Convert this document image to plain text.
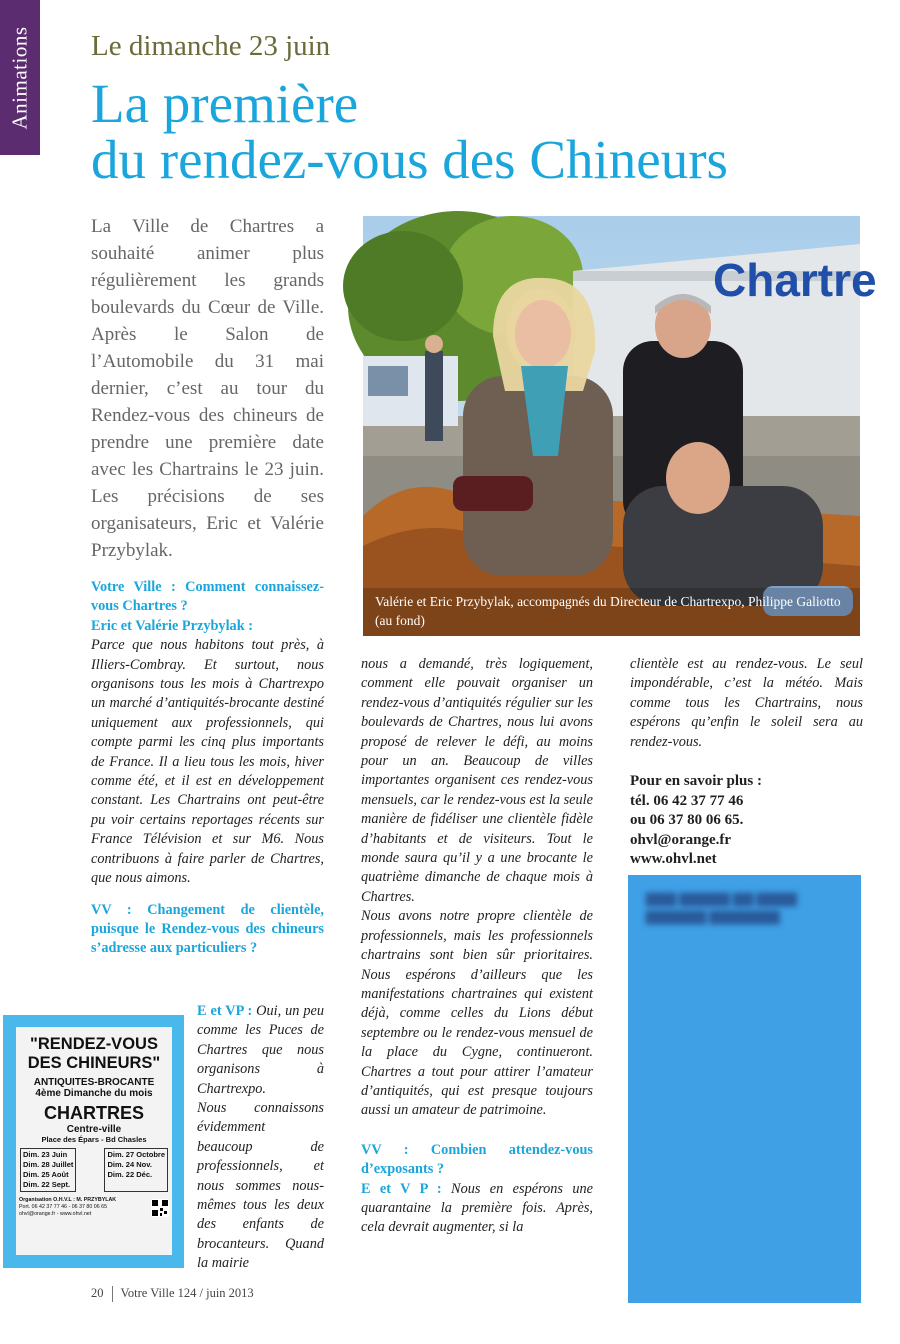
Animations Le dimanche 23 juin
La première
du rendez-vous des Chineurs

La Ville de Chartres a souhaité animer plus régulièrement les grands boulevards du Cœur de Ville. Après le Salon de l’Automobile du 31 mai dernier, c’est au tour du Rendez-vous des chineurs de prendre une première date avec les Chartrains le 23 juin. Les précisions de ses organisateurs, Eric et Valérie Przybylak.

Chartre
Valérie et Eric Przybylak, accompagnés du Directeur de Chartrexpo, Philippe Galiotto (au fond)

Votre Ville : Comment connaissez-vous Chartres ?

Eric et Valérie Przybylak :

Parce que nous habitons tout près, à Illiers-Combray. Et surtout, nous organisons tous les mois à Chartrexpo un marché d’antiquités-brocante destiné uniquement aux professionnels, qui compte parmi les cinq plus importants de France. Il a lieu tous les mois, hiver comme été, et il est en développement constant. Les Chartrains ont peut-être pu voir certains reportages récents sur France Télévision et sur M6. Nous contribuons à faire parler de Chartres, que nous aimons.

VV : Changement de clientèle, puisque le Rendez-vous des chineurs s’adresse aux particuliers ?

E et VP : Oui, un peu comme les Puces de Chartres que nous organisons à Chartrexpo.

Nous connaissons évidemment beaucoup de professionnels, et nous sommes nous-mêmes tous les deux des enfants de brocanteurs. Quand la mairie

nous a demandé, très logiquement, comment elle pouvait organiser un rendez-vous d’antiquités régulier sur les boulevards de Chartres, nous lui avons proposé de relever le défi, au moins pour un an. Beaucoup de villes importantes organisent ces rendez-vous mensuels, car le rendez-vous est la seule manière de fidéliser une clientèle fidèle d’habitants et de visiteurs. Tout le monde saura qu’il y a une brocante le quatrième dimanche de chaque mois à Chartres.

Nous avons notre propre clientèle de professionnels, mais les professionnels chartrains sont bien sûr prioritaires. Nous espérons d’ailleurs que les manifestations chartraines qui existent déjà, comme celles du Lions début septembre ou le rendez-vous mensuel de la place du Cygne, continueront. Chartres a tout pour attirer l’amateur d’antiquités, qui est presque toujours aussi un amateur de patrimoine.

VV : Combien attendez-vous d’exposants ?

E et V P : Nous en espérons une quarantaine la première fois. Après, cela devrait augmenter, si la

clientèle est au rendez-vous. Le seul impondérable, c’est la météo. Mais comme tous les Chartrains, nous espérons qu’enfin le soleil sera au rendez-vous.

Pour en savoir plus :
tél. 06 42 37 77 46
ou 06 37 80 06 65.
ohvl@orange.fr
www.ohvl.net
"RENDEZ-VOUS
DES CHINEURS"
ANTIQUITES-BROCANTE
4ème Dimanche du mois
CHARTRES
Centre-ville
Place des Épars - Bd Chasles
Dim. 23 Juin
Dim. 28 Juillet
Dim. 25 Août
Dim. 22 Sept.
Dim. 27 Octobre
Dim. 24 Nov.
Dim. 22 Déc.
Organisation O.H.V.L : M. PRZYBYLAK
Port. 06 42 37 77 46 - 06 37 80 06 65
ohvl@orange.fr - www.ohvl.net
▇▇▇ ▇▇▇▇▇ ▇▇ ▇▇▇▇
▇▇▇▇▇▇ ▇▇▇▇▇▇▇
20 Votre Ville 124 / juin 2013
